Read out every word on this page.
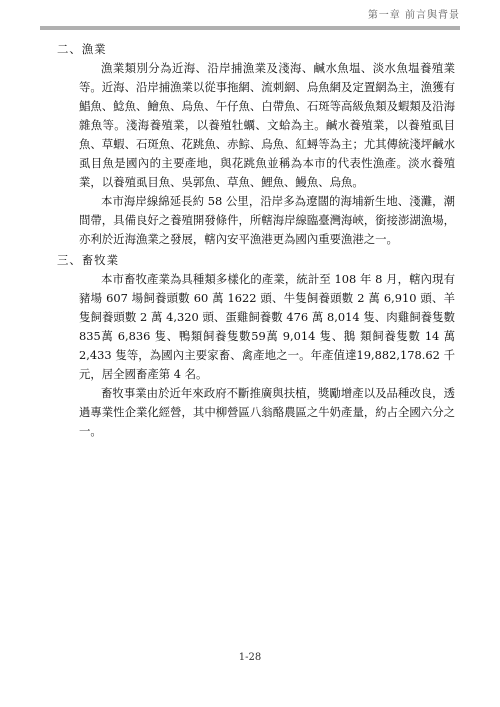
第一章 前言與背景
二、漁業

漁業類別分為近海、沿岸捕漁業及淺海、鹹水魚塭、淡水魚塭養殖業等。近海、沿岸捕漁業以從事拖網、流刺網、烏魚網及定置網為主，漁獲有鯧魚、鯰魚、鱠魚、烏魚、午仔魚、白帶魚、石斑等高級魚類及蝦類及沿海雜魚等。淺海養殖業，以養殖牡蠣、文蛤為主。鹹水養殖業，以養殖虱目魚、草蝦、石斑魚、花跳魚、赤鯮、烏魚、紅蟳等為主；尤其傳統淺坪鹹水虱目魚是國內的主要產地，與花跳魚並稱為本市的代表性漁產。淡水養殖業，以養殖虱目魚、吳郭魚、草魚、鯉魚、鰻魚、烏魚。

本市海岸線綿延長約 58 公里，沿岸多為遼闊的海埔新生地、淺灘，潮間帶，具備良好之養殖開發條件，所轄海岸線臨臺灣海峽，銜接澎湖漁場，亦利於近海漁業之發展，轄內安平漁港更為國內重要漁港之一。

三、畜牧業

本市畜牧產業為具種類多樣化的產業，統計至 108 年 8 月，轄內現有豬場 607 場飼養頭數 60 萬 1622 頭、牛隻飼養頭數 2 萬 6,910 頭、羊隻飼養頭數 2 萬 4,320 頭、蛋雞飼養數 476 萬 8,014 隻、肉雞飼養隻數835萬 6,836 隻、鴨類飼養隻數59萬 9,014 隻、鵝 類飼養隻數 14 萬 2,433 隻等，為國內主要家畜、禽產地之一。年產值達19,882,178.62 千元，居全國畜產第 4 名。

畜牧事業由於近年來政府不斷推廣與扶植，獎勵增產以及品種改良，透過專業性企業化經營，其中柳營區八翁酪農區之牛奶產量，約占全國六分之一。

1-28
